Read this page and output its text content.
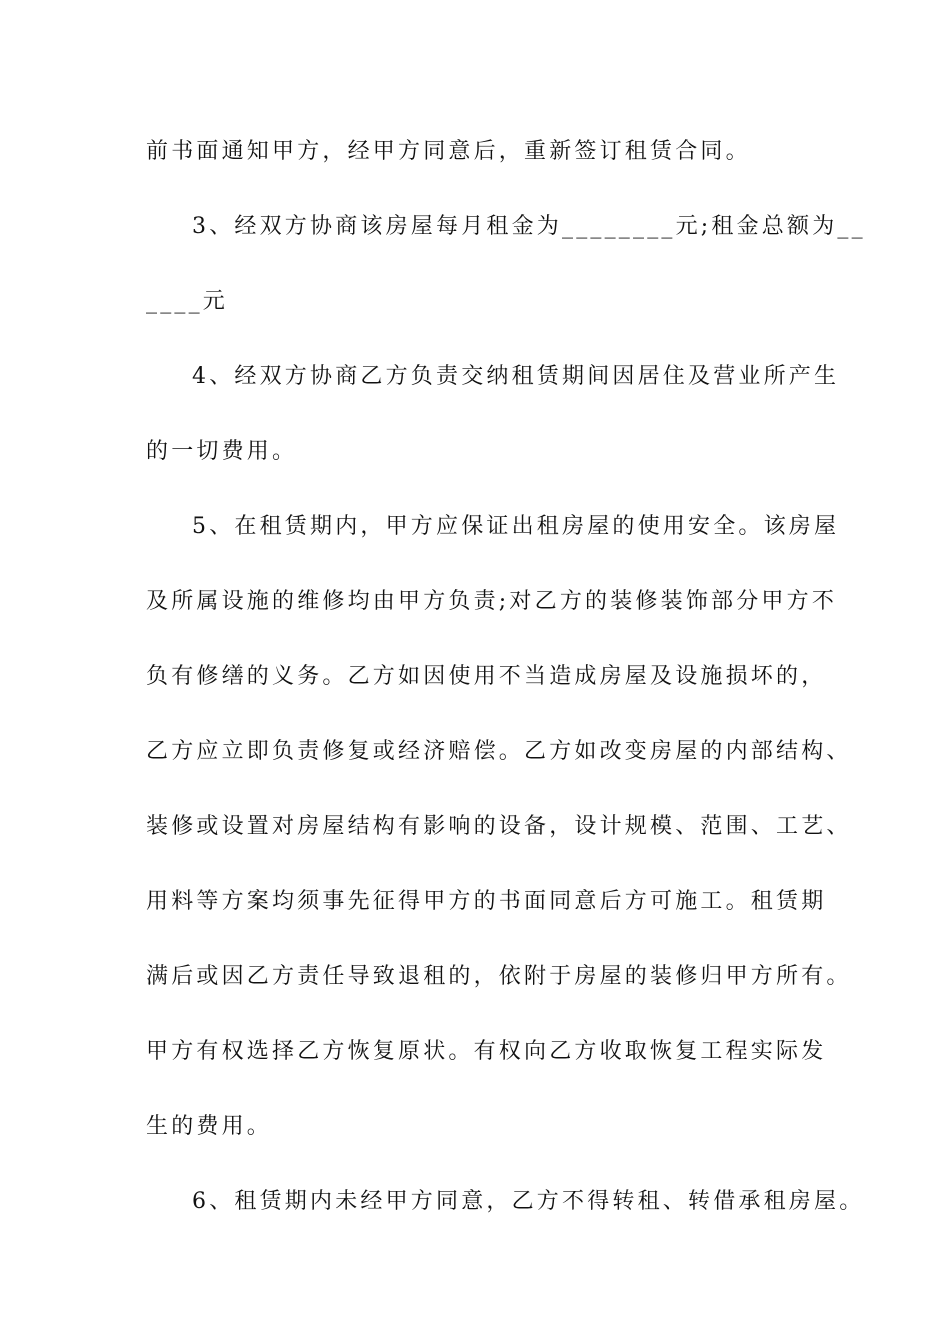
前书面通知甲方，经甲方同意后，重新签订租赁合同。
3、经双方协商该房屋每月租金为________元;租金总额为__
____元
4、经双方协商乙方负责交纳租赁期间因居住及营业所产生
的一切费用。
5、在租赁期内，甲方应保证出租房屋的使用安全。该房屋
及所属设施的维修均由甲方负责;对乙方的装修装饰部分甲方不
负有修缮的义务。乙方如因使用不当造成房屋及设施损坏的，
乙方应立即负责修复或经济赔偿。乙方如改变房屋的内部结构、
装修或设置对房屋结构有影响的设备，设计规模、范围、工艺、
用料等方案均须事先征得甲方的书面同意后方可施工。租赁期
满后或因乙方责任导致退租的，依附于房屋的装修归甲方所有。
甲方有权选择乙方恢复原状。有权向乙方收取恢复工程实际发
生的费用。
6、租赁期内未经甲方同意，乙方不得转租、转借承租房屋。
